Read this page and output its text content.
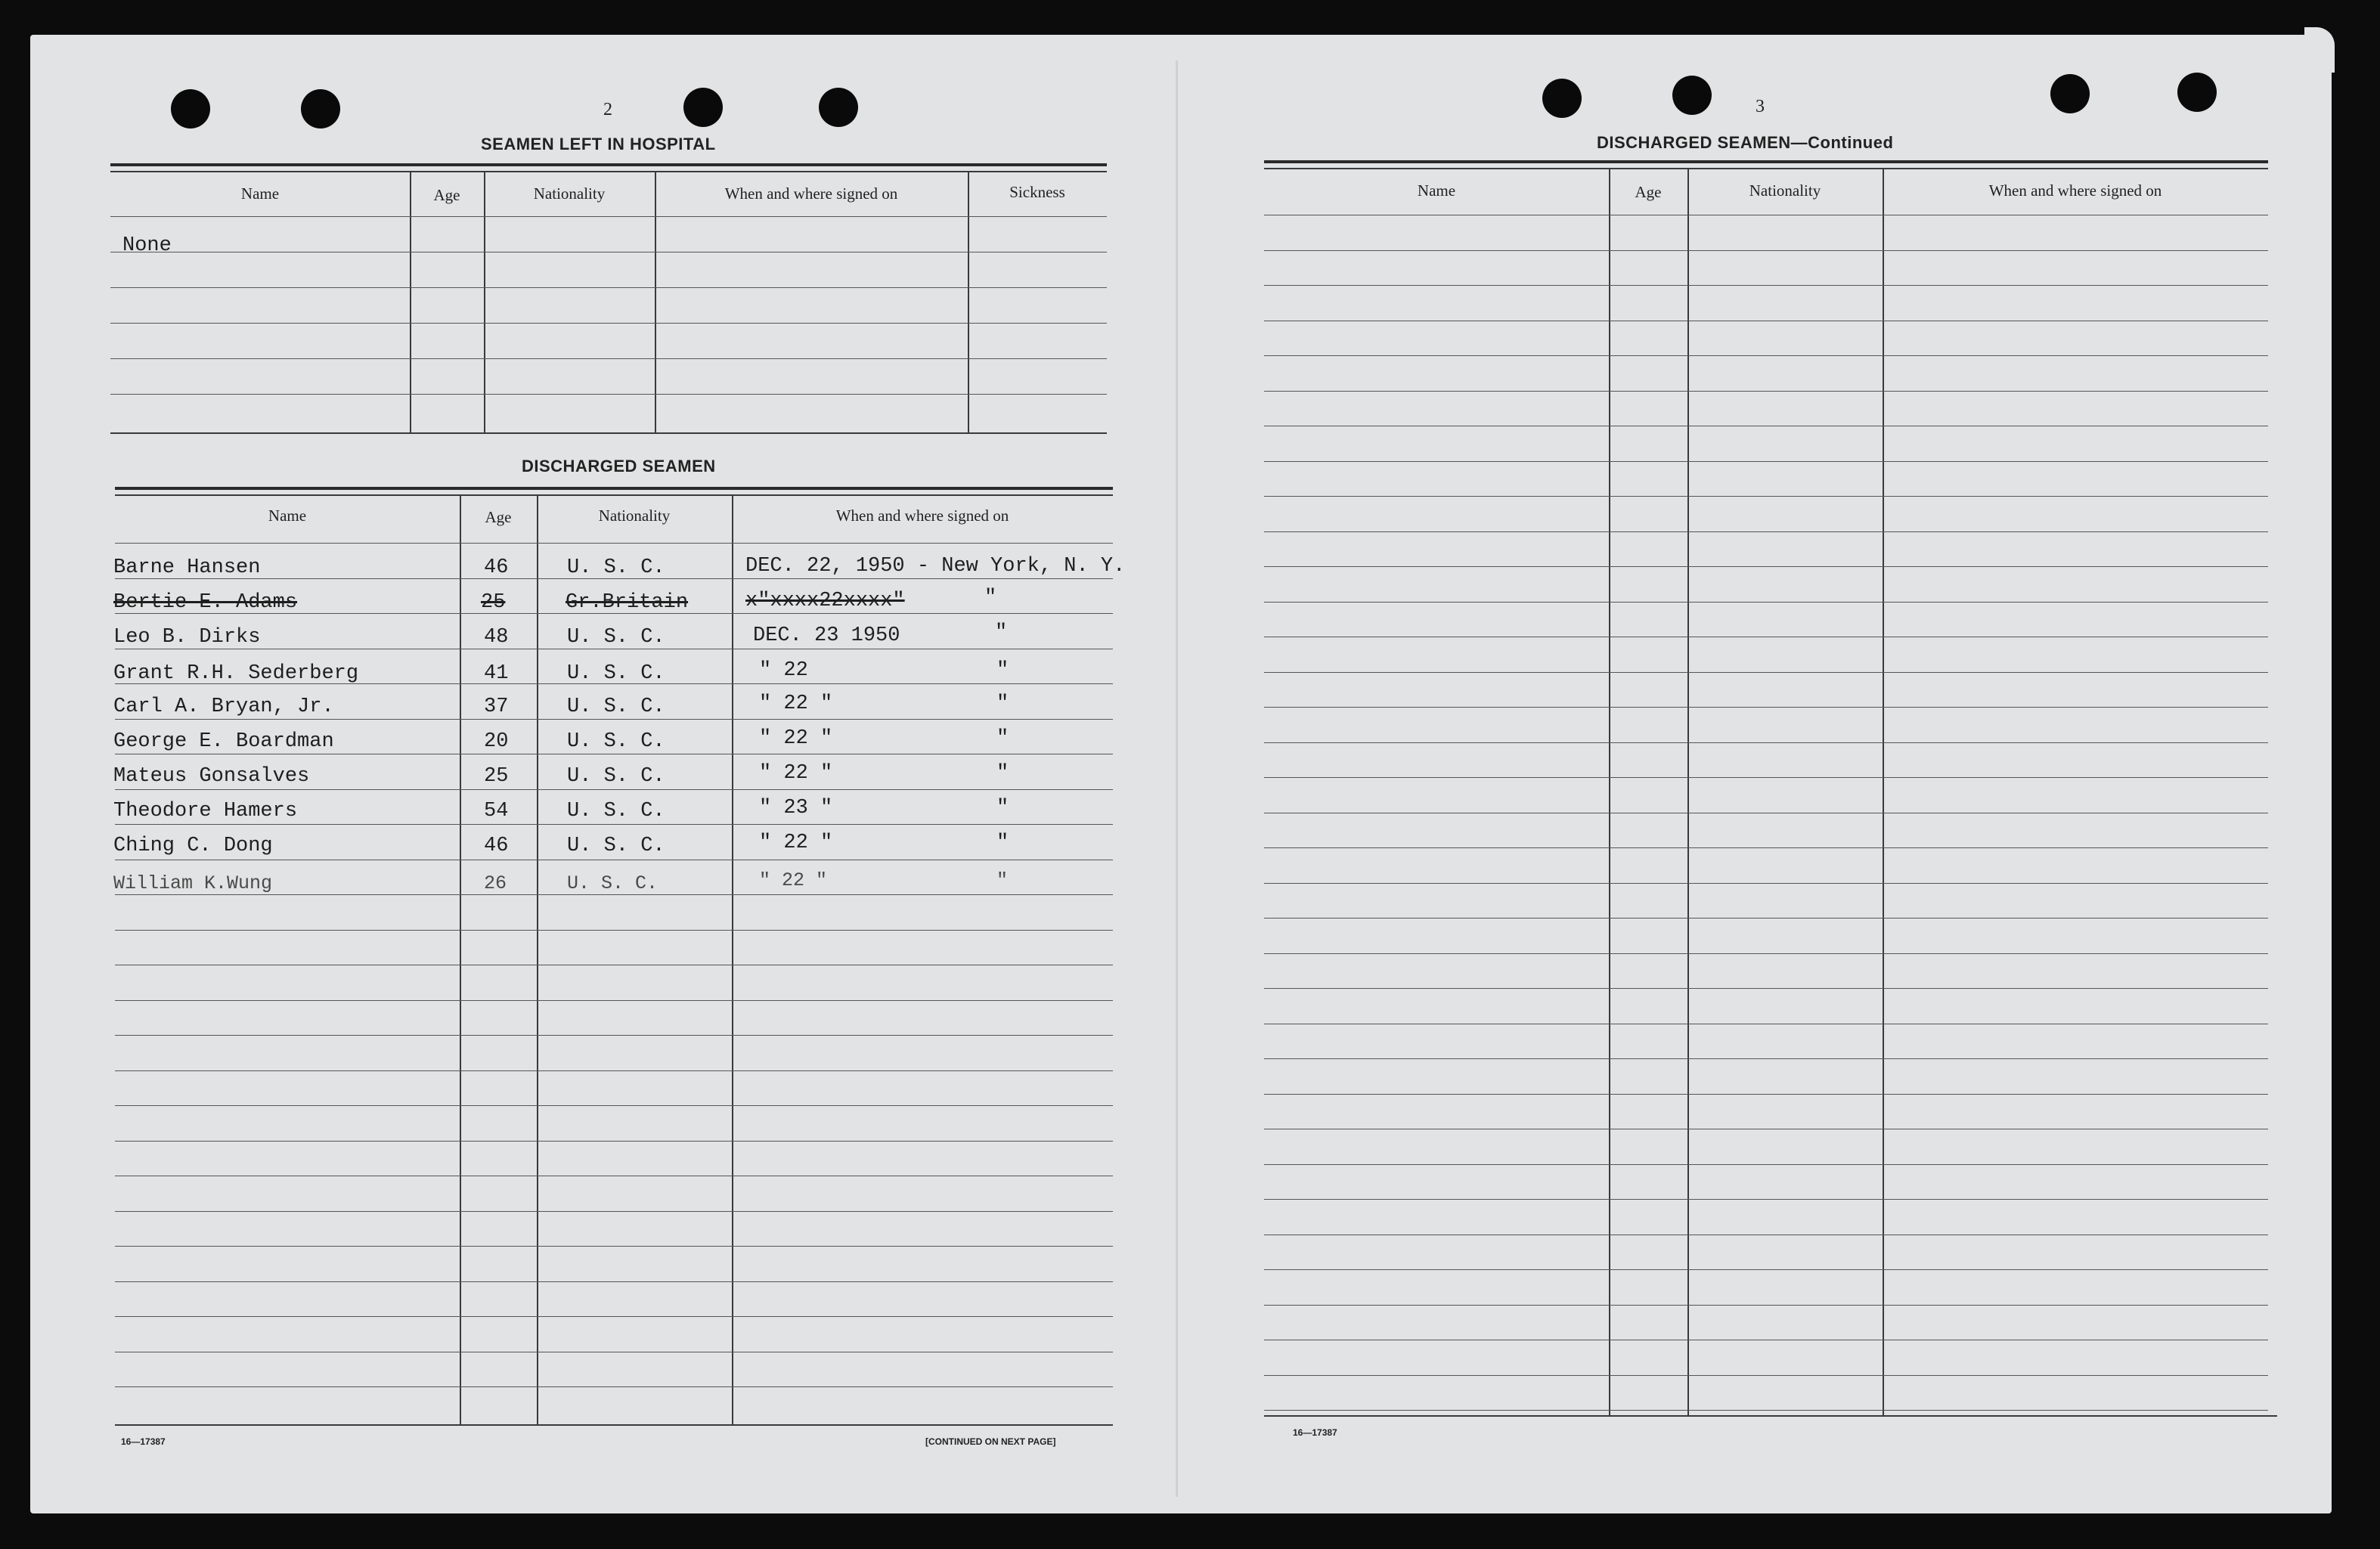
2
SEAMEN LEFT IN HOSPITAL
Name	Age	Nationality	When and where signed on	Sickness
None
DISCHARGED SEAMEN
Name	Age	Nationality	When and where signed on
Barne Hansen	46	U. S. C.	DEC. 22, 1950 - New York, N. Y.
Bertie E. Adams	25	Gr.Britain	x"xxxx22xxxx"	"
Leo B. Dirks	48	U. S. C.	DEC. 23 1950	"
Grant R.H. Sederberg	41	U. S. C.	" 22	"
Carl A. Bryan, Jr.	37	U. S. C.	" 22 "	"
George E. Boardman	20	U. S. C.	" 22 "	"
Mateus Gonsalves	25	U. S. C.	" 22 "	"
Theodore Hamers	54	U. S. C.	" 23 "	"
Ching C. Dong	46	U. S. C.	" 22 "	"
William K.Wung	26	U. S. C.	" 22 "	"
16—17387	[CONTINUED ON NEXT PAGE]
3
DISCHARGED SEAMEN—Continued
Name	Age	Nationality	When and where signed on
16—17387
